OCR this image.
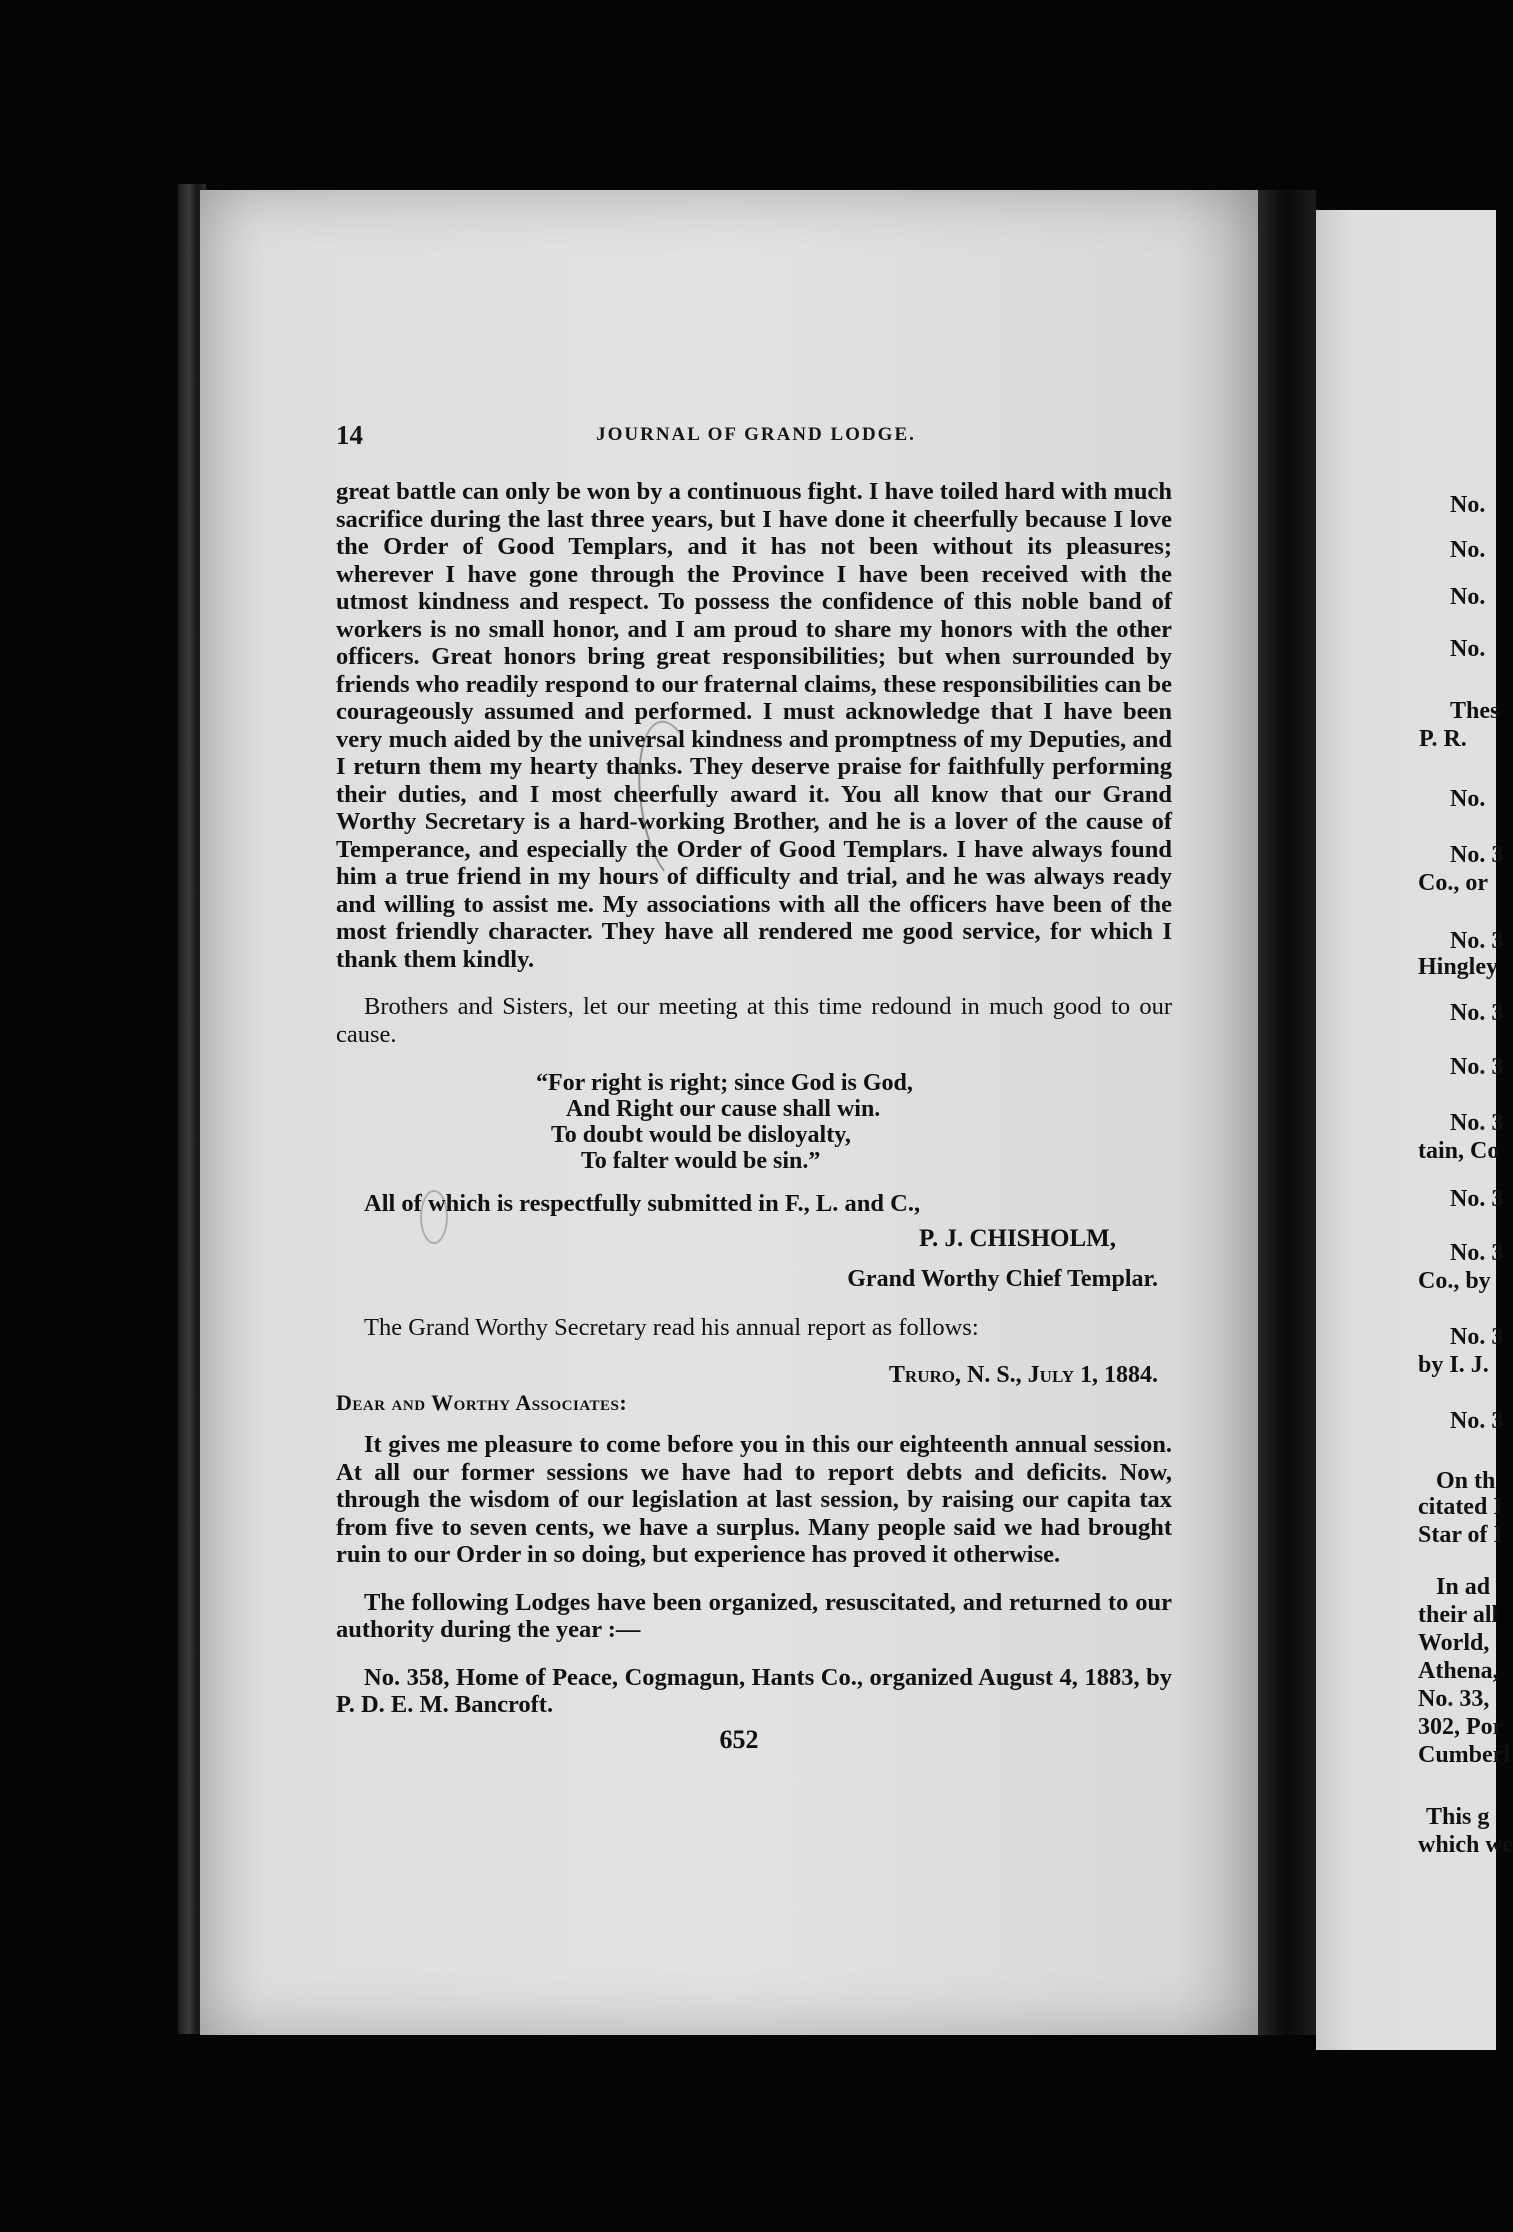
No.
No.
No.
No.
Thes
P. R.
No.
No. 3
Co., or
No. 3
Hingley
No. 3
No. 3
No. 3
tain, Co
No. 3
No. 3
Co., by
No. 3
by I. J.
No. 3
On th
citated I
Star of I
In ad
their all
World,
Athena,
No. 33,
302, Por
Cumberl
This g
which we
14	JOURNAL OF GRAND LODGE.

great battle can only be won by a continuous fight. I have toiled hard with much sacrifice during the last three years, but I have done it cheerfully because I love the Order of Good Templars, and it has not been without its pleasures; wherever I have gone through the Province I have been received with the utmost kindness and respect. To possess the confidence of this noble band of workers is no small honor, and I am proud to share my honors with the other officers. Great honors bring great responsibilities; but when surrounded by friends who readily respond to our fraternal claims, these responsibilities can be courageously assumed and performed. I must acknowledge that I have been very much aided by the universal kindness and promptness of my Deputies, and I return them my hearty thanks. They deserve praise for faithfully performing their duties, and I most cheerfully award it. You all know that our Grand Worthy Secretary is a hard-working Brother, and he is a lover of the cause of Temperance, and especially the Order of Good Templars. I have always found him a true friend in my hours of difficulty and trial, and he was always ready and willing to assist me. My associations with all the officers have been of the most friendly character. They have all rendered me good service, for which I thank them kindly.

Brothers and Sisters, let our meeting at this time redound in much good to our cause.

“For right is right; since God is God,
And Right our cause shall win.
To doubt would be disloyalty,
To falter would be sin.”

All of which is respectfully submitted in F., L. and C.,

P. J. CHISHOLM,
Grand Worthy Chief Templar.

The Grand Worthy Secretary read his annual report as follows:

Truro, N. S., July 1, 1884.
Dear and Worthy Associates:

It gives me pleasure to come before you in this our eighteenth annual session. At all our former sessions we have had to report debts and deficits. Now, through the wisdom of our legislation at last session, by raising our capita tax from five to seven cents, we have a surplus. Many people said we had brought ruin to our Order in so doing, but experience has proved it otherwise.

The following Lodges have been organized, resuscitated, and returned to our authority during the year :—

No. 358, Home of Peace, Cogmagun, Hants Co., organized August 4, 1883, by P. D. E. M. Bancroft.

652
